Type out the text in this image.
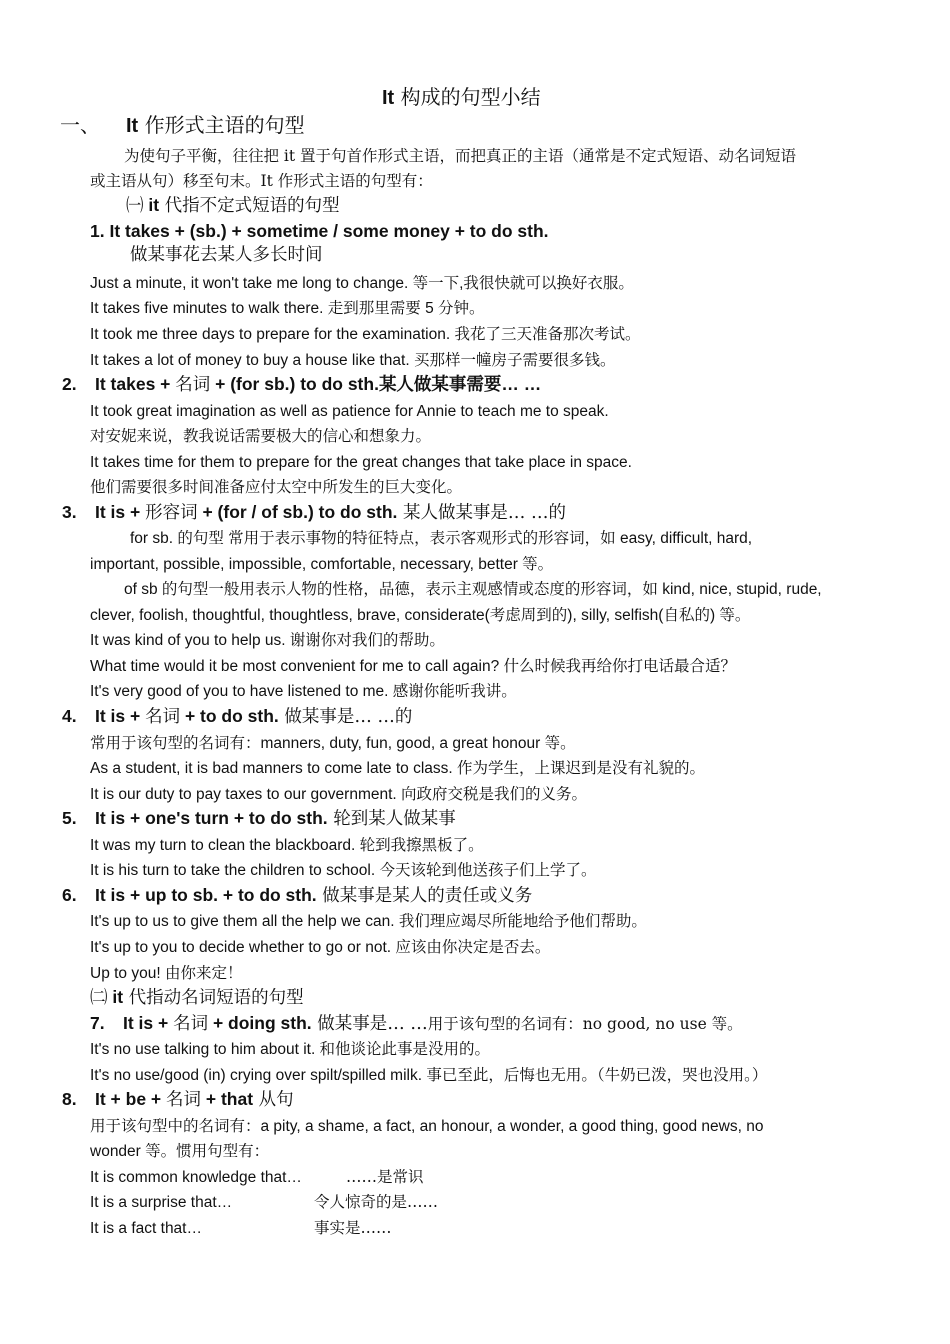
It 构成的句型小结
一、 It 作形式主语的句型
为使句子平衡，往往把 it 置于句首作形式主语，而把真正的主语（通常是不定式短语、动名词短语
或主语从句）移至句末。It 作形式主语的句型有：
㈠ it 代指不定式短语的句型
1. It takes + (sb.) + sometime / some money + to do sth.
做某事花去某人多长时间
Just a minute, it won't take me long to change. 等一下,我很快就可以换好衣服。
It takes five minutes to walk there. 走到那里需要 5 分钟。
It took me three days to prepare for the examination. 我花了三天准备那次考试。
It takes a lot of money to buy a house like that. 买那样一幢房子需要很多钱。
2. It takes + 名词 + (for sb.) to do sth.某人做某事需要… …
It took great imagination as well as patience for Annie to teach me to speak.
对安妮来说，教我说话需要极大的信心和想象力。
It takes time for them to prepare for the great changes that take place in space.
他们需要很多时间准备应付太空中所发生的巨大变化。
3. It is + 形容词 + (for / of sb.) to do sth. 某人做某事是… …的
for sb. 的句型 常用于表示事物的特征特点，表示客观形式的形容词，如 easy, difficult, hard,
important, possible, impossible, comfortable, necessary, better 等。
of sb 的句型一般用表示人物的性格，品德，表示主观感情或态度的形容词，如 kind, nice, stupid, rude,
clever, foolish, thoughtful, thoughtless, brave, considerate(考虑周到的), silly, selfish(自私的) 等。
It was kind of you to help us. 谢谢你对我们的帮助。
What time would it be most convenient for me to call again? 什么时候我再给你打电话最合适？
It's very good of you to have listened to me. 感谢你能听我讲。
4. It is + 名词 + to do sth. 做某事是… …的
常用于该句型的名词有：manners, duty, fun, good, a great honour 等。
As a student, it is bad manners to come late to class. 作为学生，上课迟到是没有礼貌的。
It is our duty to pay taxes to our government. 向政府交税是我们的义务。
5. It is + one's turn + to do sth. 轮到某人做某事
It was my turn to clean the blackboard. 轮到我擦黑板了。
It is his turn to take the children to school. 今天该轮到他送孩子们上学了。
6. It is + up to sb. + to do sth. 做某事是某人的责任或义务
It's up to us to give them all the help we can. 我们理应竭尽所能地给予他们帮助。
It's up to you to decide whether to go or not. 应该由你决定是否去。
Up to you! 由你来定！
㈡ it 代指动名词短语的句型
7. It is + 名词 + doing sth. 做某事是… …用于该句型的名词有：no good, no use 等。
It's no use talking to him about it. 和他谈论此事是没用的。
It's no use/good (in) crying over spilt/spilled milk. 事已至此，后悔也无用。（牛奶已泼，哭也没用。）
8. It + be + 名词 + that 从句
用于该句型中的名词有：a pity, a shame, a fact, an honour, a wonder, a good thing, good news, no
wonder 等。惯用句型有：
It is common knowledge that…	……是常识
It is a surprise that…	令人惊奇的是……
It is a fact that…	事实是……
